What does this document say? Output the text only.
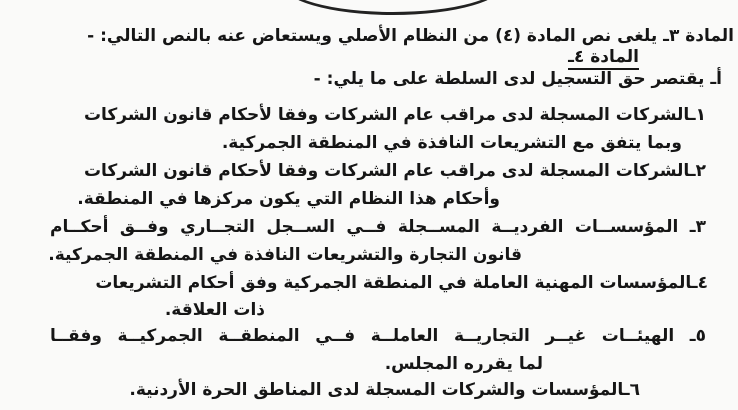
المادة ٣ـ يلغى نص المادة (٤) من النظام الأصلي ويستعاض عنه بالنص التالي: -
المادة ٤ـ
أـ يقتصر حق التسجيل لدى السلطة على ما يلي: -
١ـالشركات المسجلة لدى مراقب عام الشركات وفقا لأحكام قانون الشركات
وبما يتفق مع التشريعات النافذة في المنطقة الجمركية.
٢ـالشركات المسجلة لدى مراقب عام الشركات وفقا لأحكام قانون الشركات
وأحكام هذا النظام التي يكون مركزها في المنطقة.
٣ـ المؤسســات الفرديــة المســجلة فــي الســجل التجــاري وفــق أحكــام
قانون التجارة والتشريعات النافذة في المنطقة الجمركية.
٤ـالمؤسسات المهنية العاملة في المنطقة الجمركية وفق أحكام التشريعات
ذات العلاقة.
٥ـ الهيئــات غيــر التجاريــة العاملــة فــي المنطقــة الجمركيــة وفقــا
لما يقرره المجلس.
٦ـالمؤسسات والشركات المسجلة لدى المناطق الحرة الأردنية.
